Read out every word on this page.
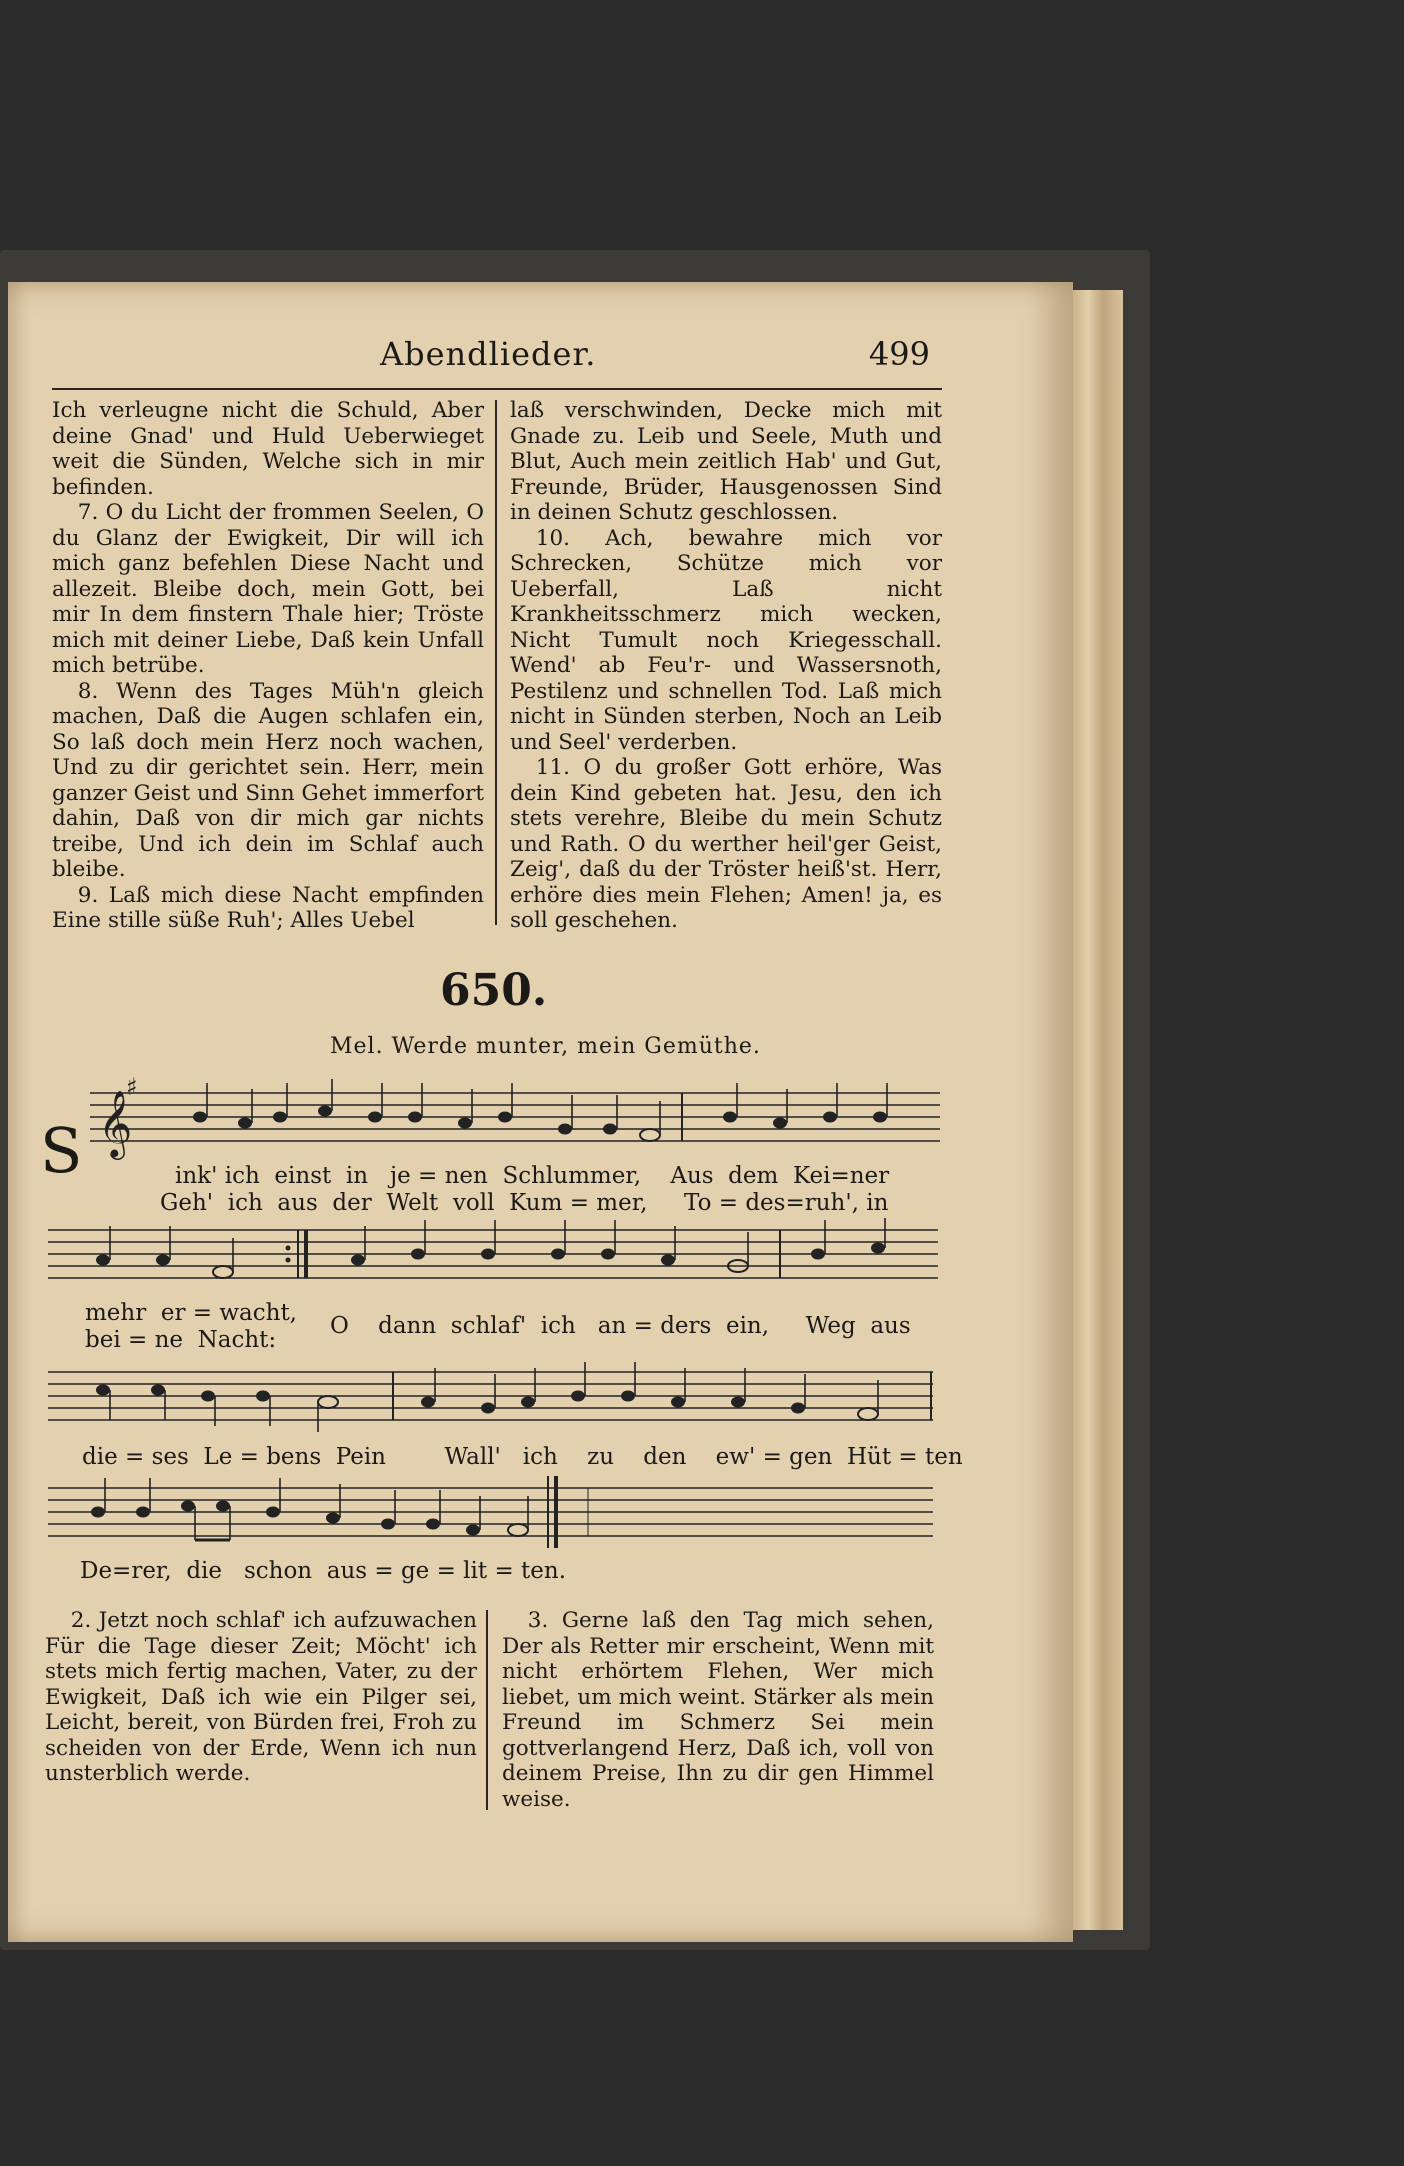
Abendlieder.	499

Ich verleugne nicht die Schuld, Aber deine Gnad' und Huld Ueberwieget weit die Sünden, Welche sich in mir befinden.

7. O du Licht der frommen Seelen, O du Glanz der Ewigkeit, Dir will ich mich ganz befehlen Diese Nacht und allezeit. Bleibe doch, mein Gott, bei mir In dem finstern Thale hier; Tröste mich mit deiner Liebe, Daß kein Unfall mich betrübe.

8. Wenn des Tages Müh'n gleich machen, Daß die Augen schlafen ein, So laß doch mein Herz noch wachen, Und zu dir gerichtet sein. Herr, mein ganzer Geist und Sinn Gehet immerfort dahin, Daß von dir mich gar nichts treibe, Und ich dein im Schlaf auch bleibe.

9. Laß mich diese Nacht empfinden Eine stille süße Ruh'; Alles Uebel

laß verschwinden, Decke mich mit Gnade zu. Leib und Seele, Muth und Blut, Auch mein zeitlich Hab' und Gut, Freunde, Brüder, Hausgenossen Sind in deinen Schutz geschlossen.

10. Ach, bewahre mich vor Schrecken, Schütze mich vor Ueberfall, Laß nicht Krankheitsschmerz mich wecken, Nicht Tumult noch Kriegesschall. Wend' ab Feu'r- und Wassersnoth, Pestilenz und schnellen Tod. Laß mich nicht in Sünden sterben, Noch an Leib und Seel' verderben.

11. O du großer Gott erhöre, Was dein Kind gebeten hat. Jesu, den ich stets verehre, Bleibe du mein Schutz und Rath. O du werther heil'ger Geist, Zeig', daß du der Tröster heiß'st. Herr, erhöre dies mein Flehen; Amen! ja, es soll geschehen.

650.
Mel. Werde munter, mein Gemüthe.
𝄞
♯
S	ink' ich  einst  in   je = nen  Schlummer,    Aus  dem  Kei=ner
Geh'  ich  aus  der  Welt  voll  Kum = mer,     To = des=ruh', in
mehr  er = wacht,
bei = ne  Nacht:
O    dann  schlaf'  ich   an = ders  ein,     Weg  aus
die = ses  Le = bens  Pein        Wall'   ich    zu    den    ew' = gen  Hüt = ten
De=rer,  die   schon  aus = ge = lit = ten.

2. Jetzt noch schlaf' ich aufzuwachen Für die Tage dieser Zeit; Möcht' ich stets mich fertig machen, Vater, zu der Ewigkeit, Daß ich wie ein Pilger sei, Leicht, bereit, von Bürden frei, Froh zu scheiden von der Erde, Wenn ich nun unsterblich werde.

3. Gerne laß den Tag mich sehen, Der als Retter mir erscheint, Wenn mit nicht erhörtem Flehen, Wer mich liebet, um mich weint. Stärker als mein Freund im Schmerz Sei mein gottverlangend Herz, Daß ich, voll von deinem Preise, Ihn zu dir gen Himmel weise.
